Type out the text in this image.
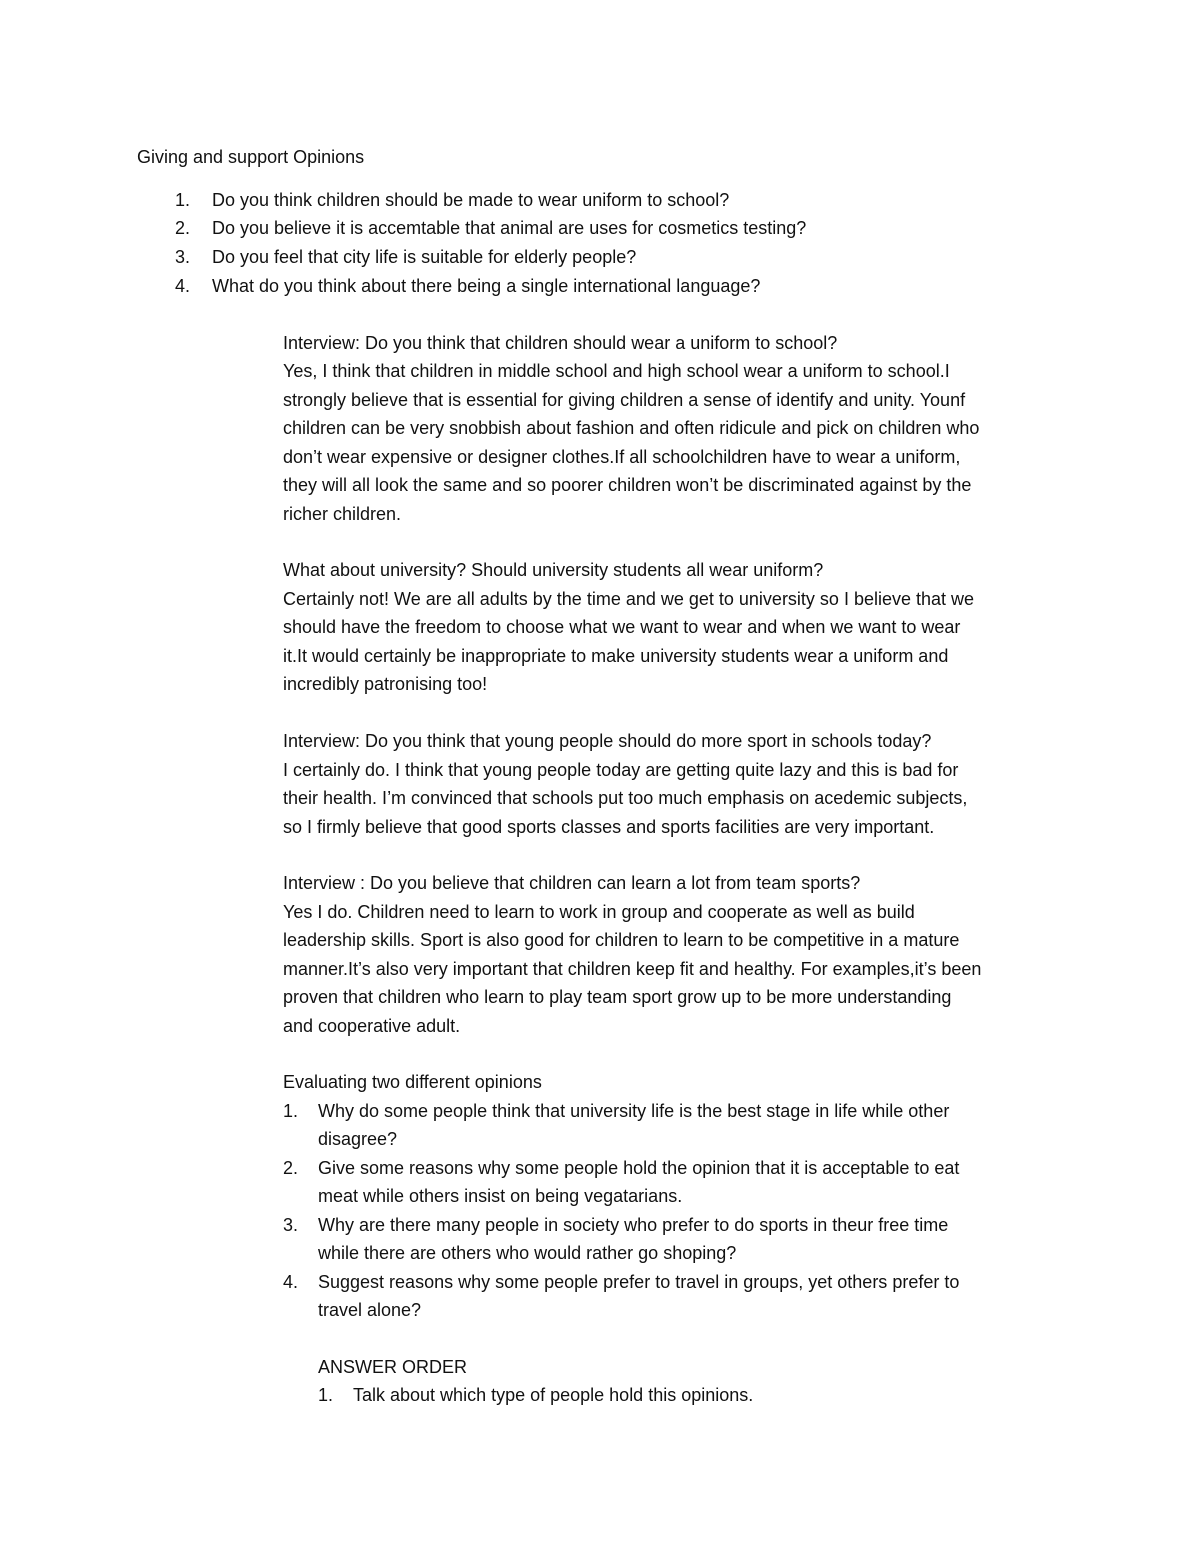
Giving and support Opinions
1. Do you think children should be made to wear uniform to school?
2. Do you believe it is accemtable that animal are uses for cosmetics testing?
3. Do you feel that city life is suitable for elderly people?
4. What do you think about there being a single international language?
Interview: Do you think that children should wear a uniform to school?
Yes, I think that children in middle school and high school wear a uniform to school.I
strongly believe that is essential for giving children a sense of identify and unity. Younf
children can be very snobbish about fashion and often ridicule and pick on children who
don’t wear expensive or designer clothes.If all schoolchildren have to wear a uniform,
they will all look the same and so poorer children won’t be discriminated against by the
richer children.
What about university? Should university students all wear uniform?
Certainly not! We are all adults by the time and we get to university so I believe that we
should have the freedom to choose what we want to wear and when we want to wear
it.It would certainly be inappropriate to make university students wear a uniform and
incredibly patronising too!
Interview: Do you think that young people should do more sport in schools today?
I certainly do. I think that young people today are getting quite lazy and this is bad for
their health. I’m convinced that schools put too much emphasis on acedemic subjects,
so I firmly believe that good sports classes and sports facilities are very important.
Interview : Do you believe that children can learn a lot from team sports?
Yes I do. Children need to learn to work in group and cooperate as well as build
leadership skills. Sport is also good for children to learn to be competitive in a mature
manner.It’s also very important that children keep fit and healthy. For examples,it’s been
proven that children who learn to play team sport grow up to be more understanding
and cooperative adult.
Evaluating two different opinions
1. Why do some people think that university life is the best stage in life while other
disagree?
2. Give some reasons why some people hold the opinion that it is acceptable to eat
meat while others insist on being vegatarians.
3. Why are there many people in society who prefer to do sports in theur free time
while there are others who would rather go shoping?
4. Suggest reasons why some people prefer to travel in groups, yet others prefer to
travel alone?
ANSWER ORDER
1. Talk about which type of people hold this opinions.
